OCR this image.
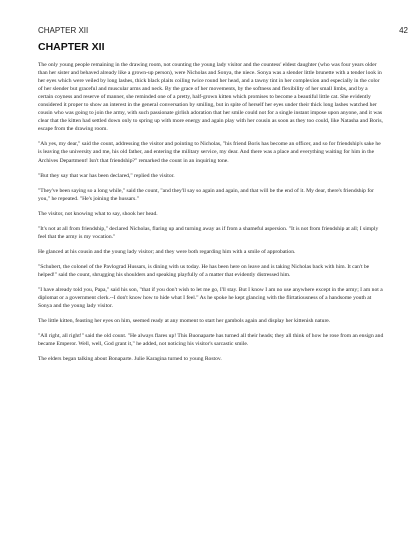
CHAPTER XII	42
CHAPTER XII

The only young people remaining in the drawing room, not counting the young lady visitor and the countess' eldest daughter (who was four years older than her sister and behaved already like a grown-up person), were Nicholas and Sonya, the niece. Sonya was a slender little brunette with a tender look in her eyes which were veiled by long lashes, thick black plaits coiling twice round her head, and a tawny tint in her complexion and especially in the color of her slender but graceful and muscular arms and neck. By the grace of her movements, by the softness and flexibility of her small limbs, and by a certain coyness and reserve of manner, she reminded one of a pretty, half-grown kitten which promises to become a beautiful little cat. She evidently considered it proper to show an interest in the general conversation by smiling, but in spite of herself her eyes under their thick long lashes watched her cousin who was going to join the army, with such passionate girlish adoration that her smile could not for a single instant impose upon anyone, and it was clear that the kitten had settled down only to spring up with more energy and again play with her cousin as soon as they too could, like Natasha and Boris, escape from the drawing room.

"Ah yes, my dear," said the count, addressing the visitor and pointing to Nicholas, "his friend Boris has become an officer, and so for friendship's sake he is leaving the university and me, his old father, and entering the military service, my dear. And there was a place and everything waiting for him in the Archives Department! Isn't that friendship?" remarked the count in an inquiring tone.

"But they say that war has been declared," replied the visitor.

"They've been saying so a long while," said the count, "and they'll say so again and again, and that will be the end of it. My dear, there's friendship for you," he repeated. "He's joining the hussars."

The visitor, not knowing what to say, shook her head.

"It's not at all from friendship," declared Nicholas, flaring up and turning away as if from a shameful aspersion. "It is not from friendship at all; I simply feel that the army is my vocation."

He glanced at his cousin and the young lady visitor; and they were both regarding him with a smile of approbation.

"Schubert, the colonel of the Pavlograd Hussars, is dining with us today. He has been here on leave and is taking Nicholas back with him. It can't be helped!" said the count, shrugging his shoulders and speaking playfully of a matter that evidently distressed him.

"I have already told you, Papa," said his son, "that if you don't wish to let me go, I'll stay. But I know I am no use anywhere except in the army; I am not a diplomat or a government clerk.--I don't know how to hide what I feel." As he spoke he kept glancing with the flirtatiousness of a handsome youth at Sonya and the young lady visitor.

The little kitten, feasting her eyes on him, seemed ready at any moment to start her gambols again and display her kittenish nature.

"All right, all right!" said the old count. "He always flares up! This Buonaparte has turned all their heads; they all think of how he rose from an ensign and became Emperor. Well, well, God grant it," he added, not noticing his visitor's sarcastic smile.

The elders began talking about Bonaparte. Julie Karagina turned to young Rostov.
